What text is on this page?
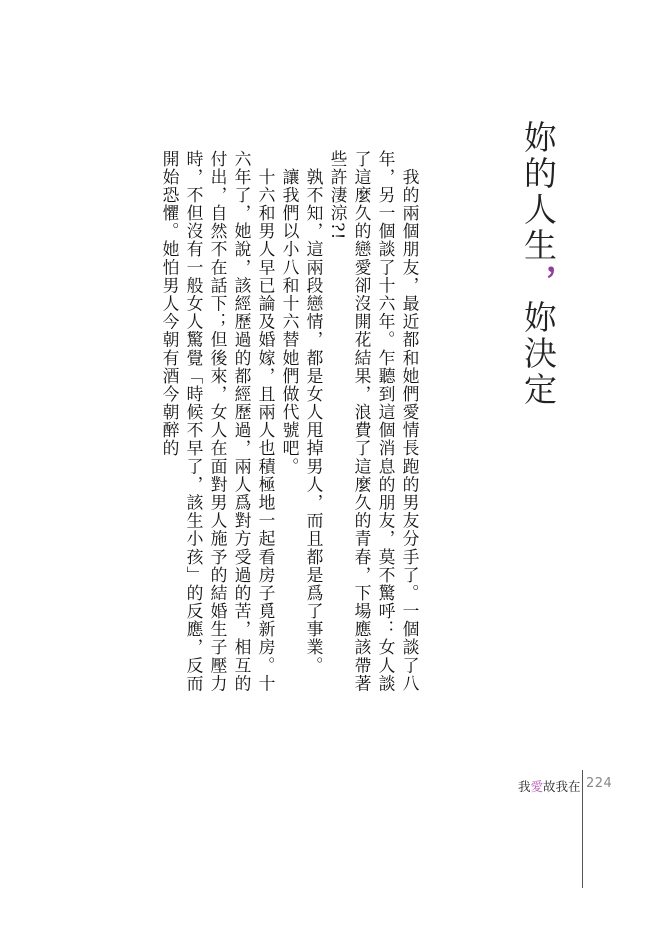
妳的人生，妳決定

我的兩個朋友，最近都和她們愛情長跑的男友分手了。一個談了八年，另一個談了十六年。乍聽到這個消息的朋友，莫不驚呼：女人談了這麼久的戀愛卻沒開花結果，浪費了這麼久的青春，下場應該帶著些許淒涼?!

孰不知，這兩段戀情，都是女人甩掉男人，而且都是爲了事業。

讓我們以小八和十六替她們做代號吧。

十六和男人早已論及婚嫁，且兩人也積極地一起看房子覓新房。十六年了，她說，該經歷過的都經歷過，兩人爲對方受過的苦，相互的付出，自然不在話下；但後來，女人在面對男人施予的結婚生子壓力時，不但沒有一般女人驚覺「時候不早了，該生小孩」的反應，反而開始恐懼。她怕男人今朝有酒今朝醉的

我愛故我在 224
